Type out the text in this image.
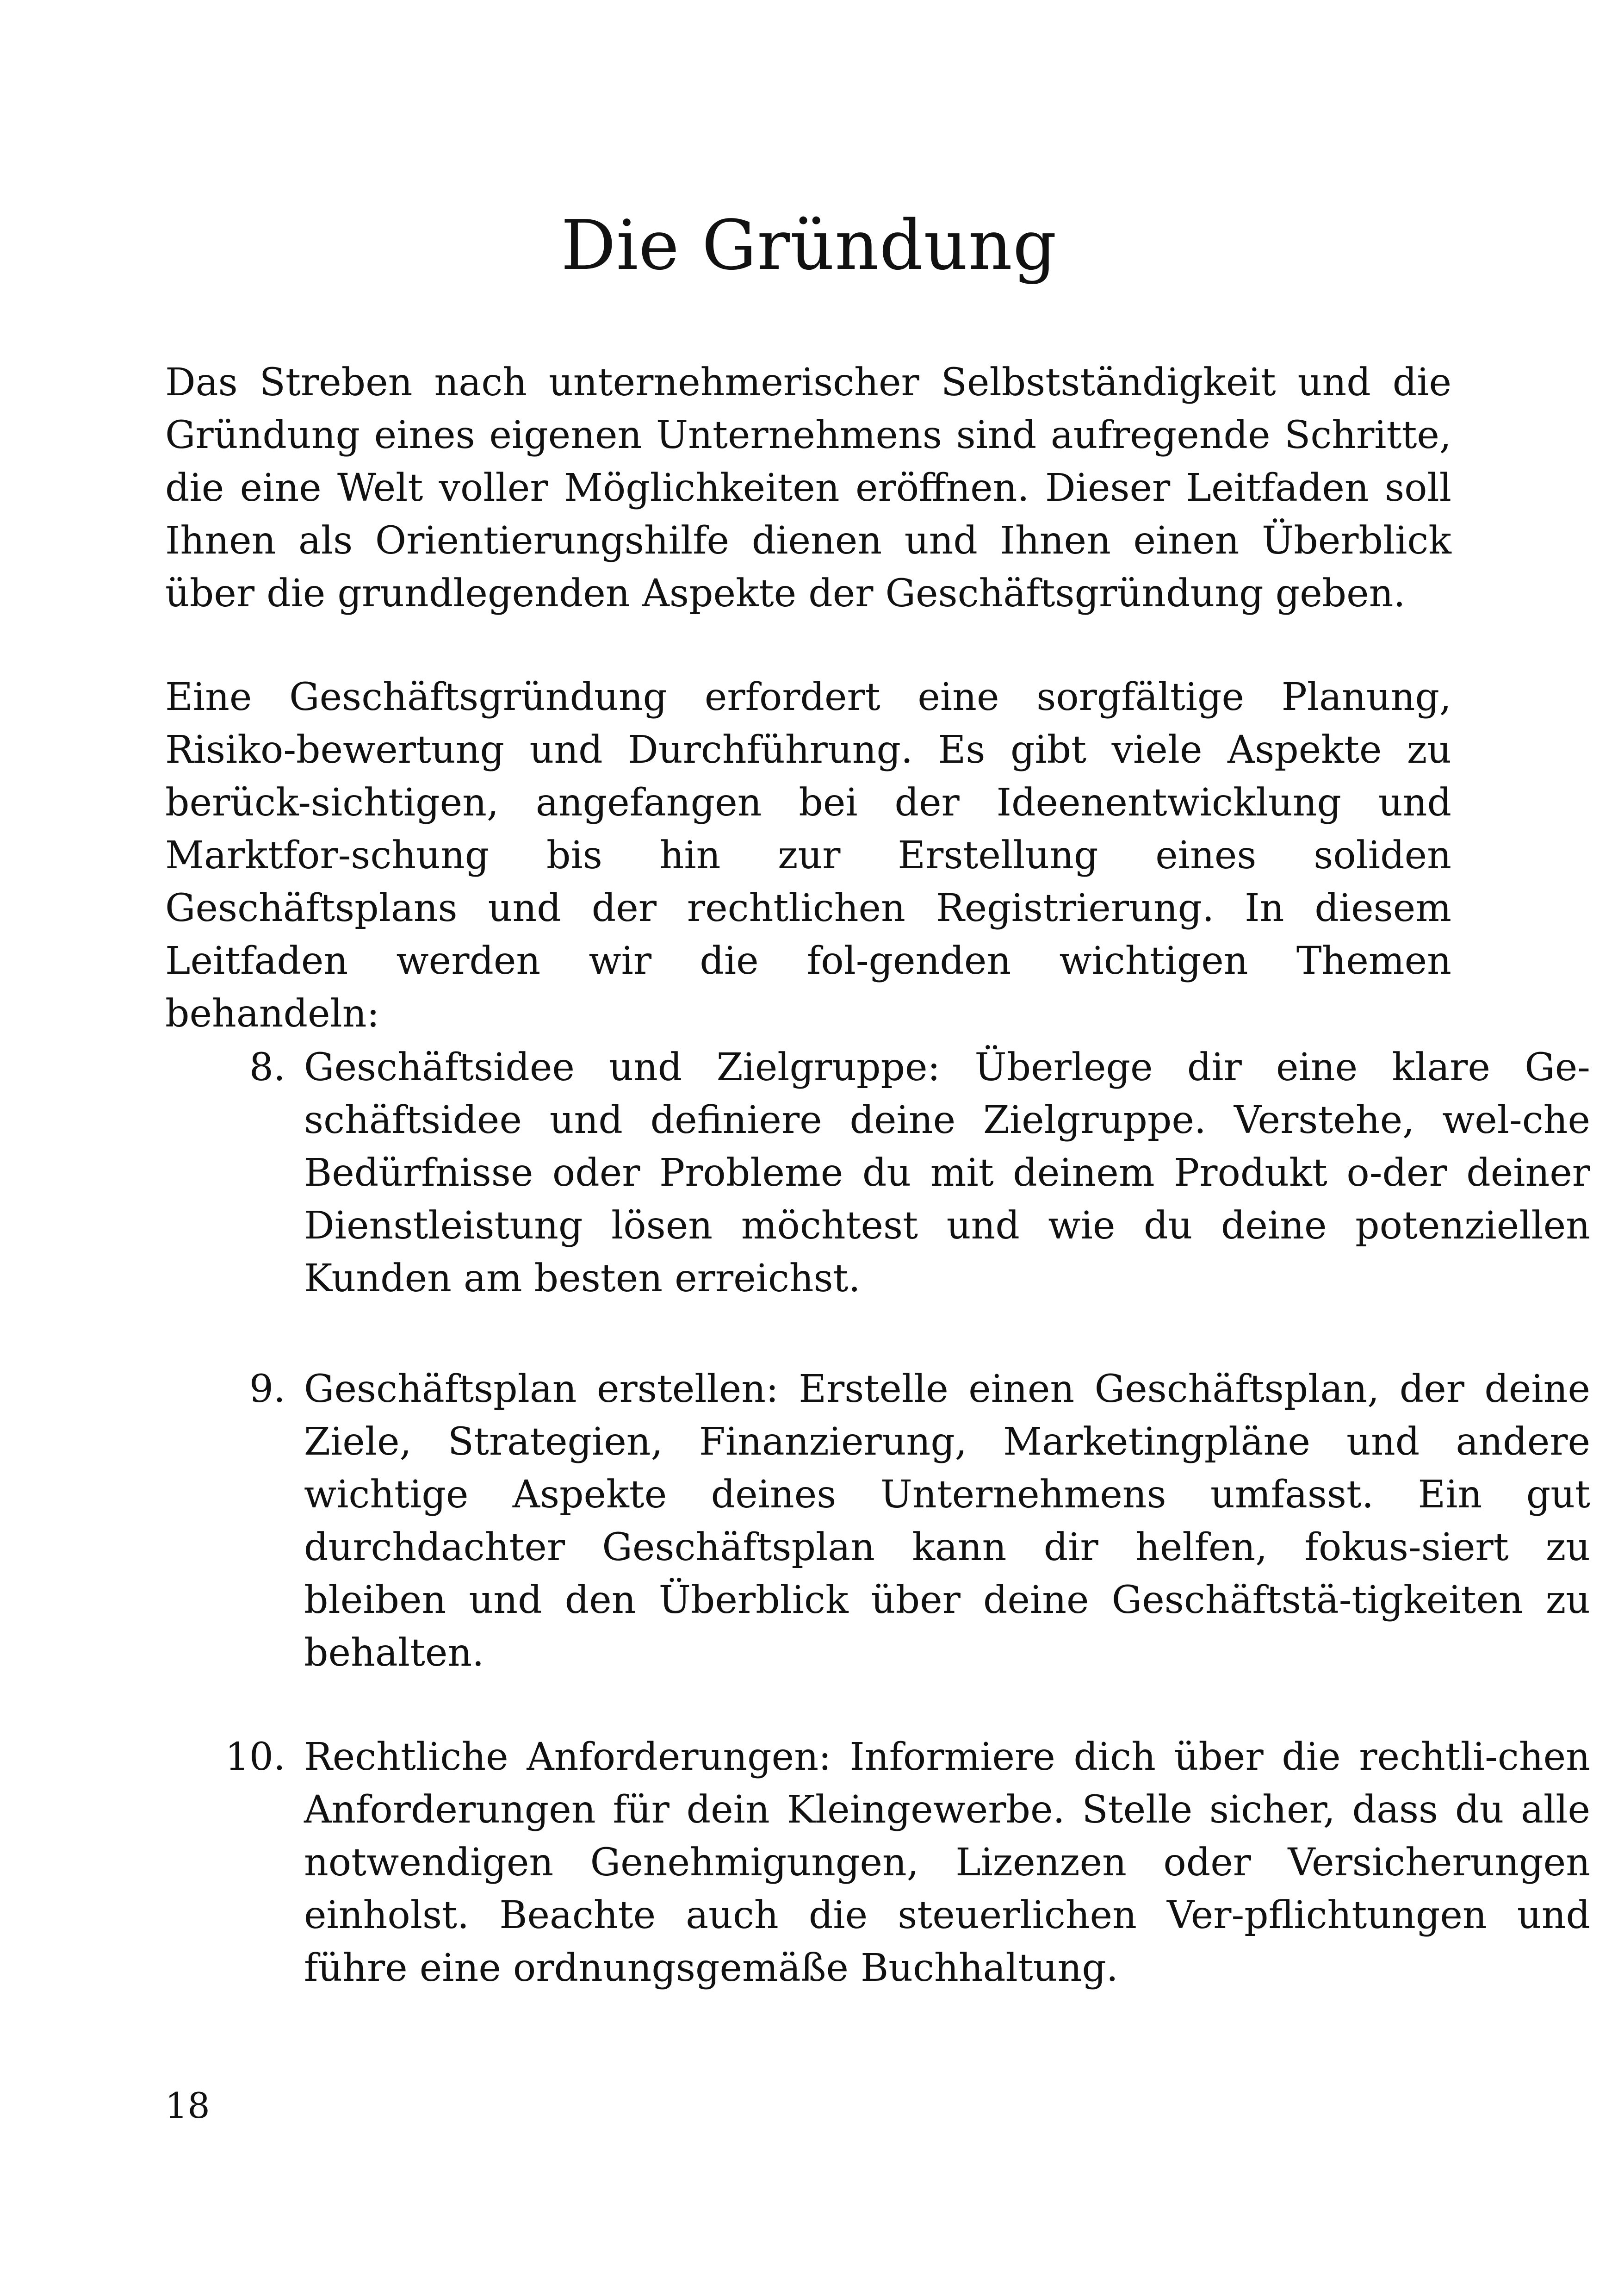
Die Gründung

Das Streben nach unternehmerischer Selbstständigkeit und die Gründung eines eigenen Unternehmens sind aufregende Schritte, die eine Welt voller Möglichkeiten eröffnen. Dieser Leitfaden soll Ihnen als Orientierungshilfe dienen und Ihnen einen Überblick über die grundlegenden Aspekte der Geschäftsgründung geben.

Eine Geschäftsgründung erfordert eine sorgfältige Planung, Risiko-bewertung und Durchführung. Es gibt viele Aspekte zu berück-sichtigen, angefangen bei der Ideenentwicklung und Marktfor-schung bis hin zur Erstellung eines soliden Geschäftsplans und der rechtlichen Registrierung. In diesem Leitfaden werden wir die fol-genden wichtigen Themen behandeln:

8. Geschäftsidee und Zielgruppe: Überlege dir eine klare Ge-schäftsidee und definiere deine Zielgruppe. Verstehe, wel-che Bedürfnisse oder Probleme du mit deinem Produkt o-der deiner Dienstleistung lösen möchtest und wie du deine potenziellen Kunden am besten erreichst.

9. Geschäftsplan erstellen: Erstelle einen Geschäftsplan, der deine Ziele, Strategien, Finanzierung, Marketingpläne und andere wichtige Aspekte deines Unternehmens umfasst. Ein gut durchdachter Geschäftsplan kann dir helfen, fokus-siert zu bleiben und den Überblick über deine Geschäftstä-tigkeiten zu behalten.

10. Rechtliche Anforderungen: Informiere dich über die rechtli-chen Anforderungen für dein Kleingewerbe. Stelle sicher, dass du alle notwendigen Genehmigungen, Lizenzen oder Versicherungen einholst. Beachte auch die steuerlichen Ver-pflichtungen und führe eine ordnungsgemäße Buchhaltung.

18
